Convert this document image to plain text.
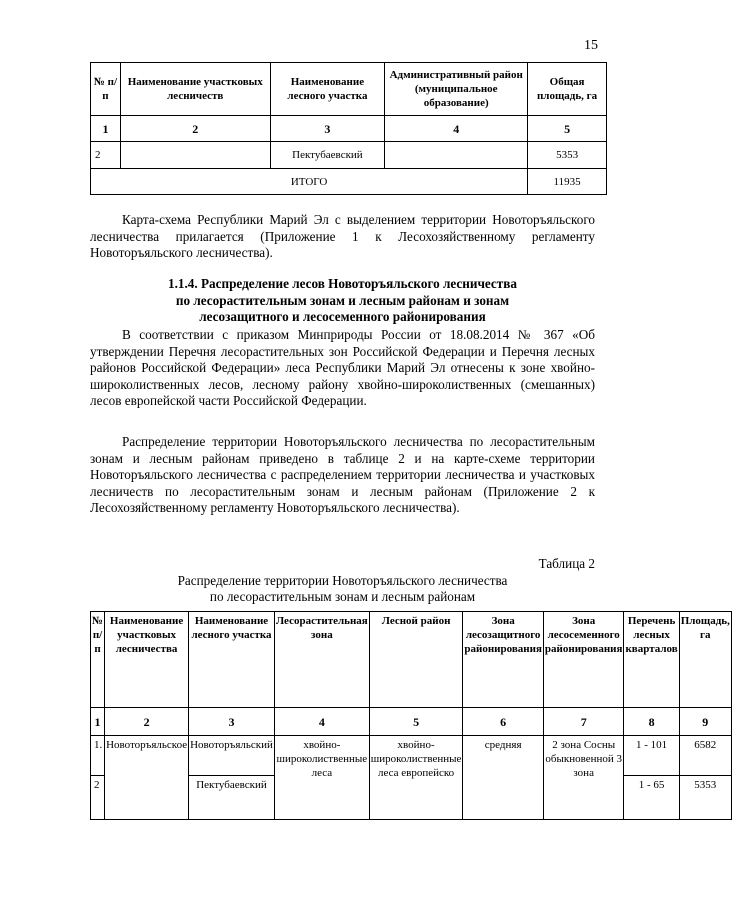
15
№ п/п	Наименование участковых лесничеств	Наименование лесного участка	Административный район (муниципальное образование)	Общая площадь, га
1	2	3	4	5
2		Пектубаевский		5353
ИТОГО				11935

Карта-схема Республики Марий Эл с выделением территории Новоторъяльского лесничества прилагается (Приложение 1 к Лесохозяйственному регламенту Новоторъяльского лесничества).

1.1.4. Распределение лесов Новоторъяльского лесничества
по лесорастительным зонам и лесным районам и зонам
лесозащитного и лесосеменного районирования

В соответствии с приказом Минприроды России от 18.08.2014 № 367 «Об утверждении Перечня лесорастительных зон Российской Федерации и Перечня лесных районов Российской Федерации» леса Республики Марий Эл отнесены к зоне хвойно-широколиственных лесов, лесному району хвойно-широколиственных (смешанных) лесов европейской части Российской Федерации.

Распределение территории Новоторъяльского лесничества по лесорастительным зонам и лесным районам приведено в таблице 2 и на карте-схеме территории Новоторъяльского лесничества с распределением территории лесничества и участковых лесничеств по лесорастительным зонам и лесным районам (Приложение 2 к Лесохозяйственному регламенту Новоторъяльского лесничества).

Таблица 2
Распределение территории Новоторъяльского лесничества
по лесорастительным зонам и лесным районам
№ п/ п	Наименование участковых лесничества	Наименование лесного участка	Лесорастительная зона	Лесной район	Зона лесозащитного районирования	Зона лесосеменного районирования	Перечень лесных кварталов	Площадь, га
1	2	3	4	5	6	7	8	9
1.	Новоторъяльское	Новоторъяльский	хвойно-широколиственные леса	хвойно-широколиственные леса европейско	средняя	2 зона Сосны обыкновенной 3 зона	1 - 101	6582
2		Пектубаевский					1 - 65	5353
